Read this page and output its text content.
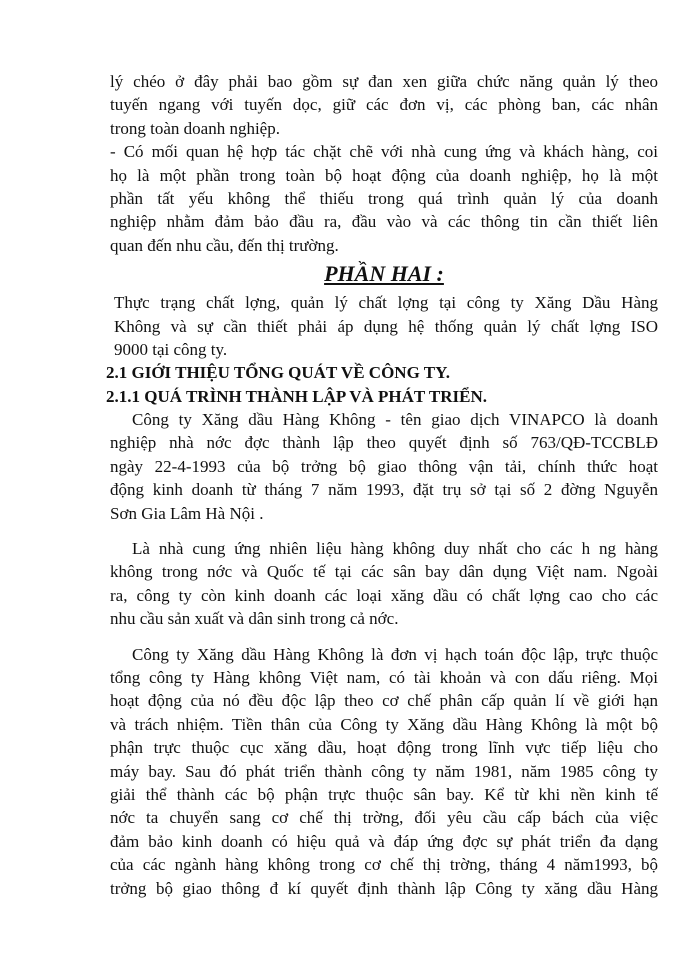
lý chéo ở đây phải bao gồm sự đan xen giữa chức năng quản lý theo
tuyến ngang với tuyến dọc, giữ các đơn vị, các phòng ban, các nhân
trong toàn doanh nghiệp.
- Có mối quan hệ hợp tác chặt chẽ với nhà cung ứng và khách hàng, coi
họ là một phần trong toàn bộ hoạt động của doanh nghiệp, họ là một
phần tất yếu không thể thiếu trong quá trình quản lý của doanh
nghiệp nhằm đảm bảo đầu ra, đầu vào và các thông tin cần thiết liên
quan đến nhu cầu, đến thị trường.
PHẦN HAI :
Thực trạng chất lợng, quản lý chất lợng tại công ty Xăng Dầu Hàng
Không và sự cần thiết phải áp dụng hệ thống quản lý chất lợng ISO
9000 tại công ty.
2.1 GIỚI THIỆU TỔNG QUÁT VỀ CÔNG TY.
2.1.1 QUÁ TRÌNH THÀNH LẬP VÀ PHÁT TRIỂN.
Công ty Xăng dầu Hàng Không - tên giao dịch VINAPCO là doanh
nghiệp nhà nớc đợc thành lập theo quyết định số 763/QĐ-TCCBLĐ
ngày 22-4-1993 của bộ trởng bộ giao thông vận tải, chính thức hoạt
động kinh doanh từ tháng 7 năm 1993, đặt trụ sở tại số 2 đờng Nguyễn
Sơn Gia Lâm Hà Nội .
Là nhà cung ứng nhiên liệu hàng không duy nhất cho các h ng hàng
không trong nớc và Quốc tế tại các sân bay dân dụng Việt nam. Ngoài
ra, công ty còn kinh doanh các loại xăng dầu có chất lợng cao cho các
nhu cầu sản xuất và dân sinh trong cả nớc.
Công ty Xăng dầu Hàng Không là đơn vị hạch toán độc lập, trực thuộc
tổng công ty Hàng không Việt nam, có tài khoản và con dấu riêng. Mọi
hoạt động của nó đều độc lập theo cơ chế phân cấp quản lí về giới hạn
và trách nhiệm. Tiền thân của Công ty Xăng dầu Hàng Không là một bộ
phận trực thuộc cục xăng dầu, hoạt động trong lĩnh vực tiếp liệu cho
máy bay. Sau đó phát triển thành công ty năm 1981, năm 1985 công ty
giải thể thành các bộ phận trực thuộc sân bay. Kể từ khi nền kinh tế
nớc ta chuyển sang cơ chế thị trờng, đối yêu cầu cấp bách của việc
đảm bảo kinh doanh có hiệu quả và đáp ứng đợc sự phát triển đa dạng
của các ngành hàng không trong cơ chế thị trờng, tháng 4 năm1993, bộ
trởng bộ giao thông đ kí quyết định thành lập Công ty xăng dầu Hàng
